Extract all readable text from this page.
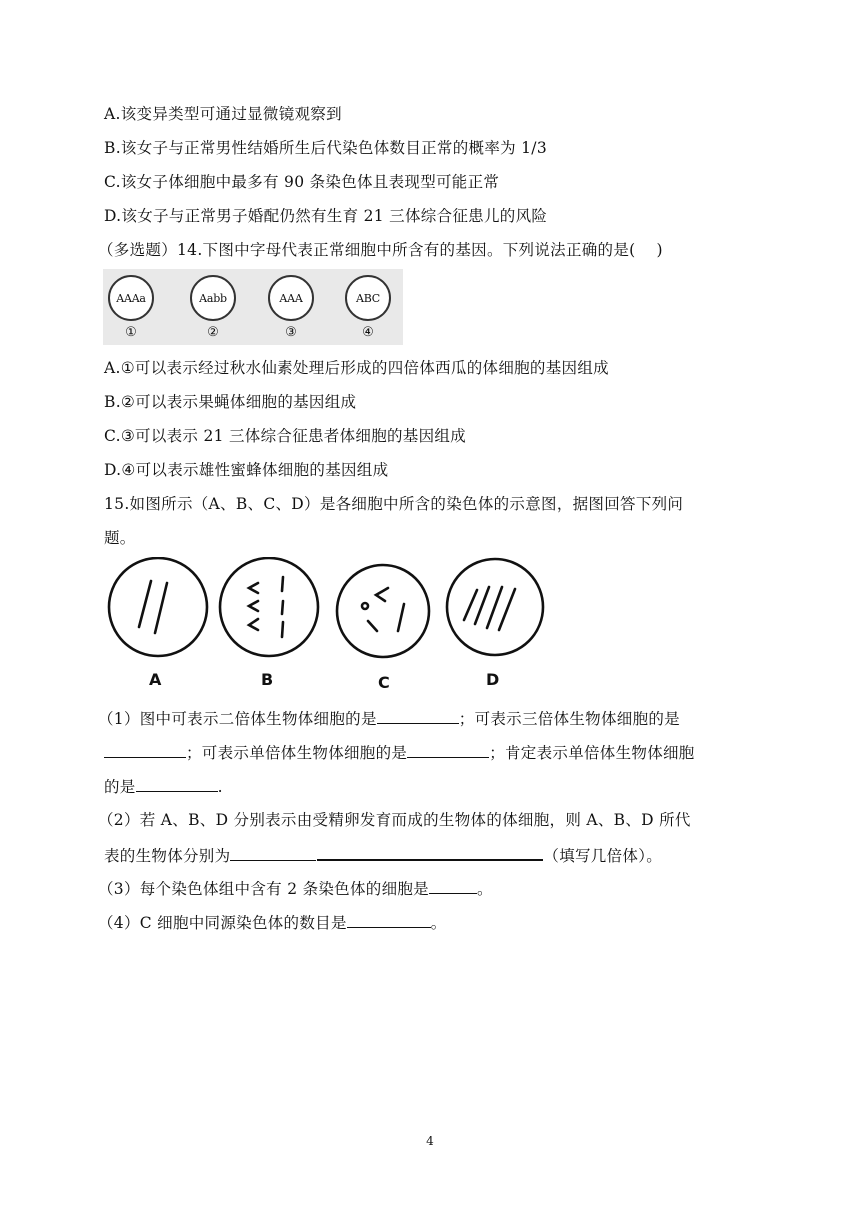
A.该变异类型可通过显微镜观察到
B.该女子与正常男性结婚所生后代染色体数目正常的概率为 1/3
C.该女子体细胞中最多有 90 条染色体且表现型可能正常
D.该女子与正常男子婚配仍然有生育 21 三体综合征患儿的风险
（多选题）14.下图中字母代表正常细胞中所含有的基因。下列说法正确的是(　 )
AAAa
①
Aabb
②
AAA
③
ABC
④
A.①可以表示经过秋水仙素处理后形成的四倍体西瓜的体细胞的基因组成
B.②可以表示果蝇体细胞的基因组成
C.③可以表示 21 三体综合征患者体细胞的基因组成
D.④可以表示雄性蜜蜂体细胞的基因组成
15.如图所示（A、B、C、D）是各细胞中所含的染色体的示意图，据图回答下列问
题。
A	B	C	D
（1）图中可表示二倍体生物体细胞的是	；可表示三倍体生物体细胞的是
；可表示单倍体生物体细胞的是	；肯定表示单倍体生物体细胞
的是	.
（2）若 A、B、D 分别表示由受精卵发育而成的生物体的体细胞，则 A、B、D 所代
表的生物体分别为	（填写几倍体）。
（3）每个染色体组中含有 2 条染色体的细胞是	。
（4）C 细胞中同源染色体的数目是	。
4
